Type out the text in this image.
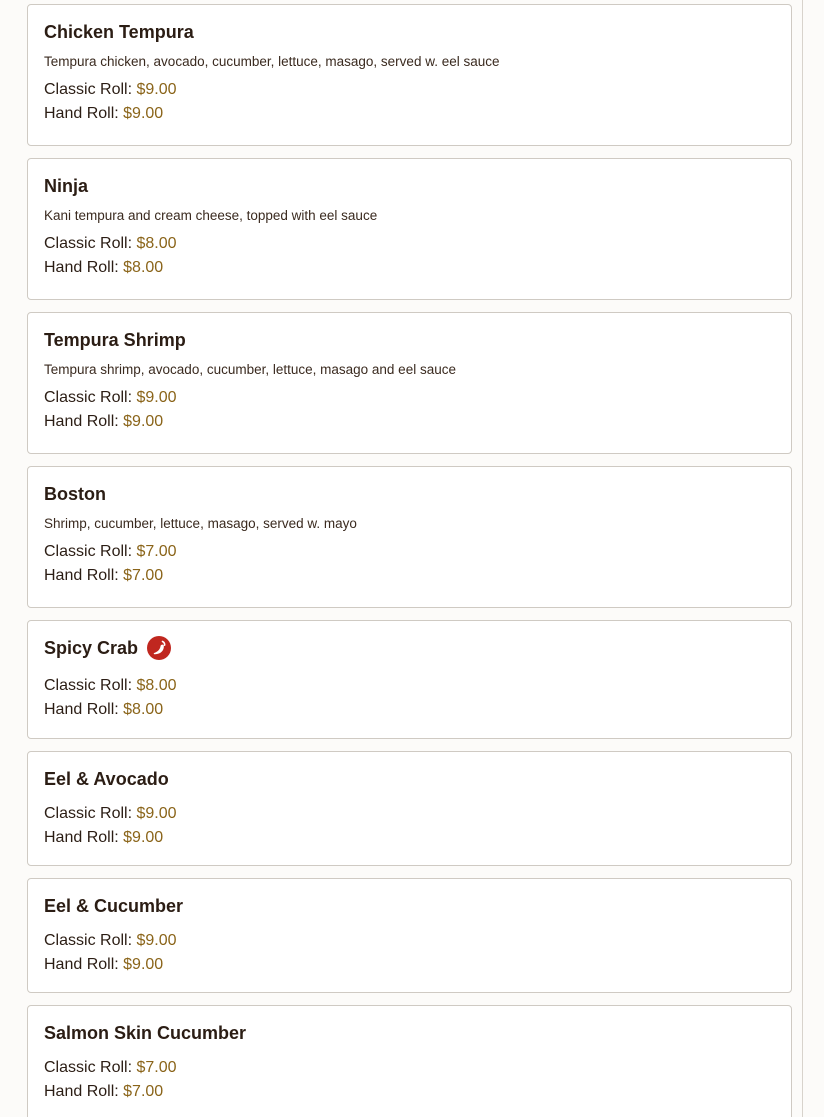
Chicken Tempura
Tempura chicken, avocado, cucumber, lettuce, masago, served w. eel sauce
Classic Roll: $9.00
Hand Roll: $9.00
Ninja
Kani tempura and cream cheese, topped with eel sauce
Classic Roll: $8.00
Hand Roll: $8.00
Tempura Shrimp
Tempura shrimp, avocado, cucumber, lettuce, masago and eel sauce
Classic Roll: $9.00
Hand Roll: $9.00
Boston
Shrimp, cucumber, lettuce, masago, served w. mayo
Classic Roll: $7.00
Hand Roll: $7.00
Spicy Crab
Classic Roll: $8.00
Hand Roll: $8.00
Eel & Avocado
Classic Roll: $9.00
Hand Roll: $9.00
Eel & Cucumber
Classic Roll: $9.00
Hand Roll: $9.00
Salmon Skin Cucumber
Classic Roll: $7.00
Hand Roll: $7.00
